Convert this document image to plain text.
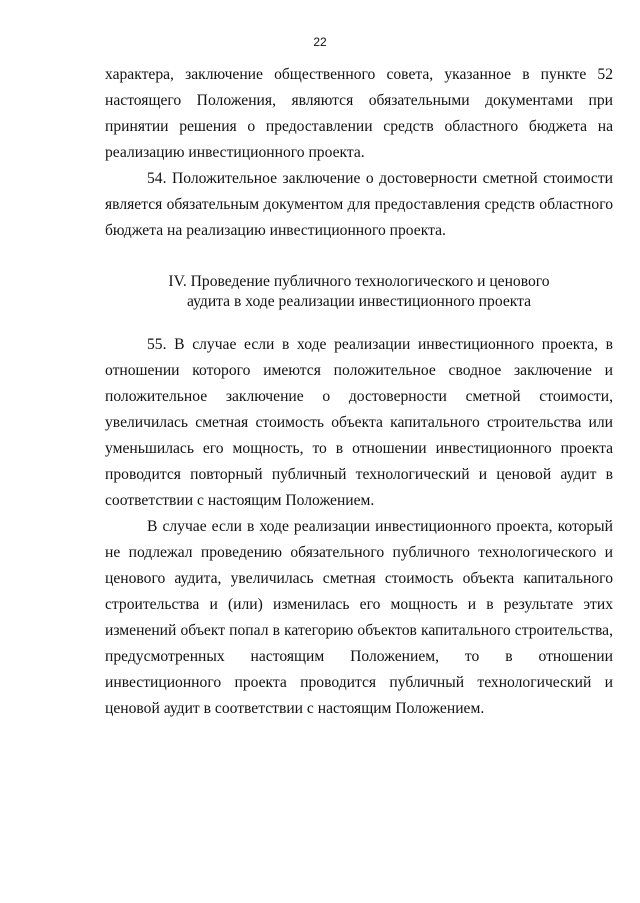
22

характера, заключение общественного совета, указанное в пункте 52 настоящего Положения, являются обязательными документами при принятии решения о предоставлении средств областного бюджета на реализацию инвестиционного проекта.

54. Положительное заключение о достоверности сметной стоимости является обязательным документом для предоставления средств областного бюджета на реализацию инвестиционного проекта.

IV. Проведение публичного технологического и ценового
аудита в ходе реализации инвестиционного проекта

55. В случае если в ходе реализации инвестиционного проекта, в отношении которого имеются положительное сводное заключение и положительное заключение о достоверности сметной стоимости, увеличилась сметная стоимость объекта капитального строительства или уменьшилась его мощность, то в отношении инвестиционного проекта проводится повторный публичный технологический и ценовой аудит в соответствии с настоящим Положением.

В случае если в ходе реализации инвестиционного проекта, который не подлежал проведению обязательного публичного технологического и ценового аудита, увеличилась сметная стоимость объекта капитального строительства и (или) изменилась его мощность и в результате этих изменений объект попал в категорию объектов капитального строительства, предусмотренных настоящим Положением, то в отношении инвестиционного проекта проводится публичный технологический и ценовой аудит в соответствии с настоящим Положением.
